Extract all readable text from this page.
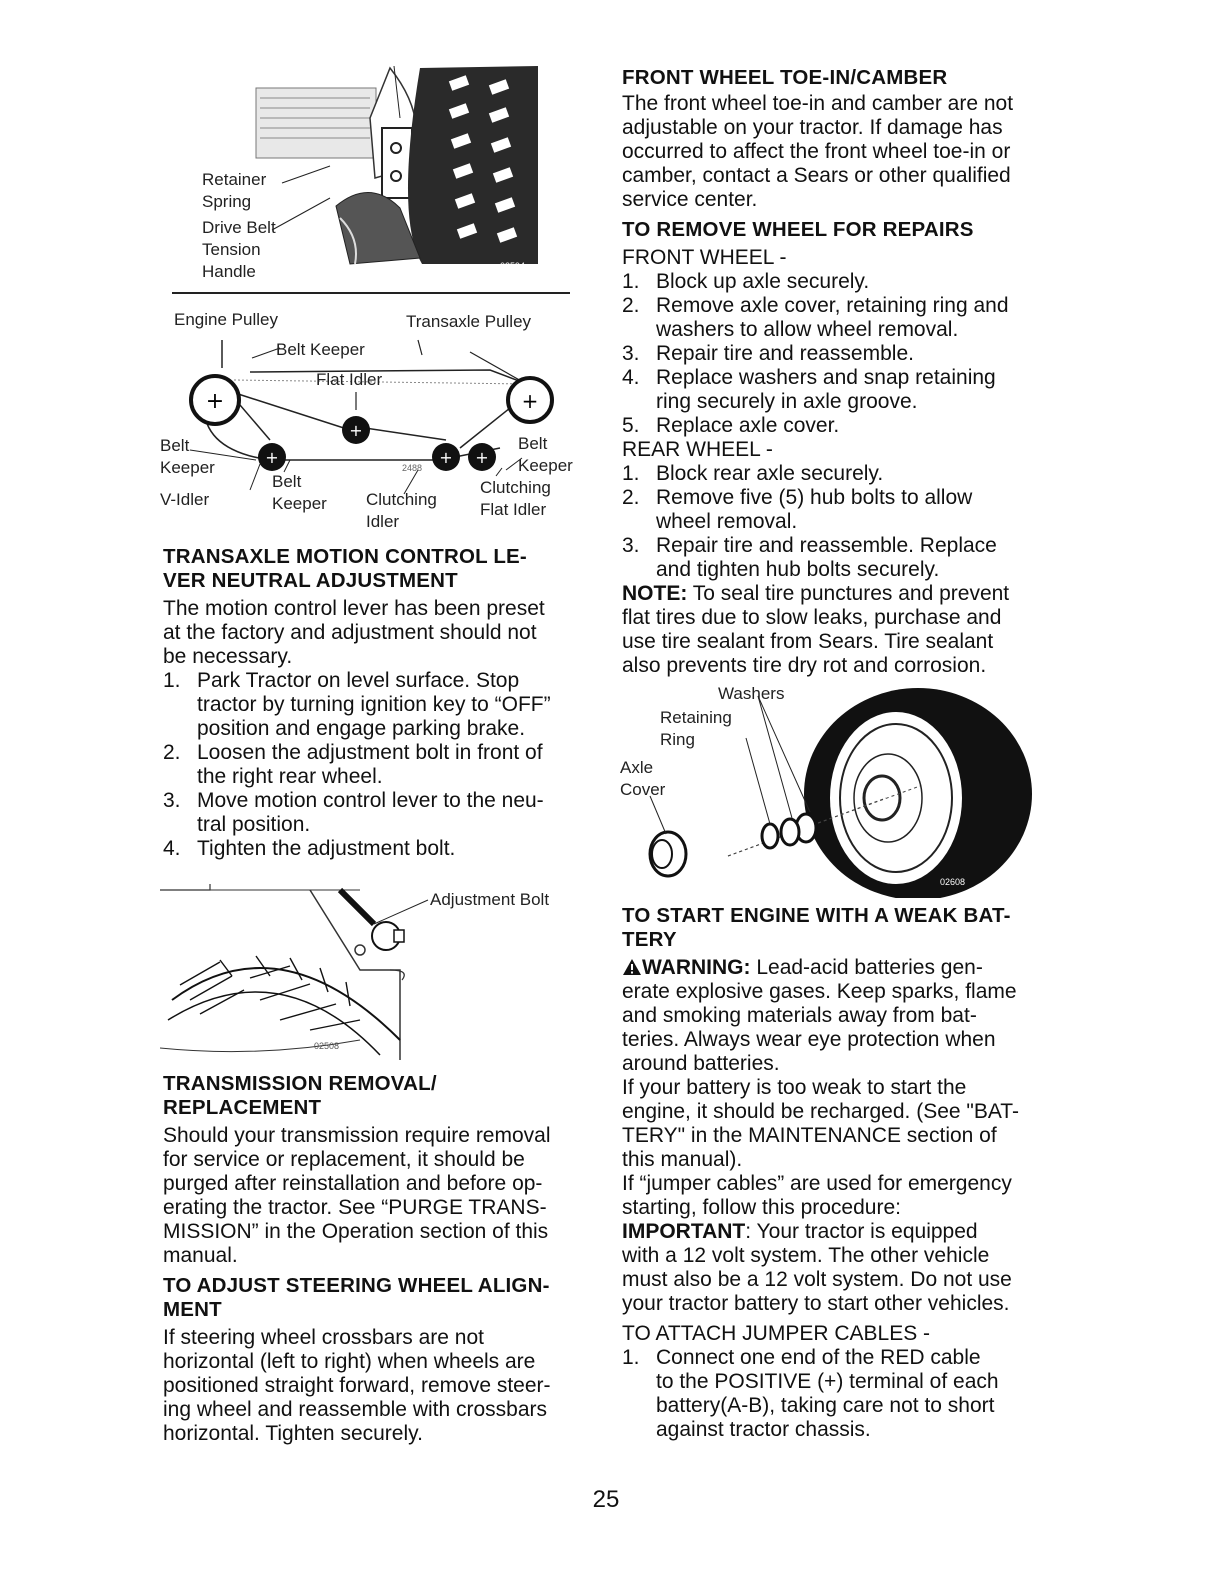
Retainer
Spring
Drive Belt
Tension
Handle	02594
+	+
+
+
+ +
Engine Pulley	Transaxle Pulley
Belt Keeper
Flat Idler
Belt
Keeper
V-Idler
Belt
Keeper Clutching
Idler
Belt
Keeper
Clutching
Flat Idler
2488
TRANSAXLE MOTION CONTROL LE-
VER NEUTRAL ADJUSTMENT
The motion control lever has been preset
at the factory and adjustment should not
be necessary.
1. Park Tractor on level surface. Stop
tractor by turning ignition key to “OFF”
position and engage parking brake.
2. Loosen the adjustment bolt in front of
the right rear wheel.
3. Move motion control lever to the neu-
tral position.
4. Tighten the adjustment bolt.
Adjustment Bolt
02508
TRANSMISSION REMOVAL/
REPLACEMENT
Should your transmission require removal
for service or replacement, it should be
purged after reinstallation and before op-
erating the tractor. See “PURGE TRANS-
MISSION” in the Operation section of this
manual.
TO ADJUST STEERING WHEEL ALIGN-
MENT
If steering wheel crossbars are not
horizontal (left to right) when wheels are
positioned straight forward, remove steer-
ing wheel and reassemble with crossbars
horizontal. Tighten securely.
FRONT WHEEL TOE-IN/CAMBER
The front wheel toe-in and camber are not
adjustable on your tractor. If damage has
occurred to affect the front wheel toe-in or
camber, contact a Sears or other qualified
service center.
TO REMOVE WHEEL FOR REPAIRS
FRONT WHEEL -
1. Block up axle securely.
2. Remove axle cover, retaining ring and
washers to allow wheel removal.
3. Repair tire and reassemble.
4. Replace washers and snap retaining
ring securely in axle groove.
5. Replace axle cover.
REAR WHEEL -
1. Block rear axle securely.
2. Remove five (5) hub bolts to allow
wheel removal.
3. Repair tire and reassemble. Replace
and tighten hub bolts securely.
NOTE: To seal tire punctures and prevent
flat tires due to slow leaks, purchase and
use tire sealant from Sears. Tire sealant
also prevents tire dry rot and corrosion.
Washers
Retaining
Ring
Axle
Cover
02608
TO START ENGINE WITH A WEAK BAT-
TERY
WARNING: Lead-acid batteries gen-
erate explosive gases. Keep sparks, flame
and smoking materials away from bat-
teries. Always wear eye protection when
around batteries.
If your battery is too weak to start the
engine, it should be recharged. (See "BAT-
TERY" in the MAINTENANCE section of
this manual).
If “jumper cables” are used for emergency
starting, follow this procedure:
IMPORTANT: Your tractor is equipped
with a 12 volt system. The other vehicle
must also be a 12 volt system. Do not use
your tractor battery to start other vehicles.
TO ATTACH JUMPER CABLES -
1. Connect one end of the RED cable
to the POSITIVE (+) terminal of each
battery(A-B), taking care not to short
against tractor chassis.
25
